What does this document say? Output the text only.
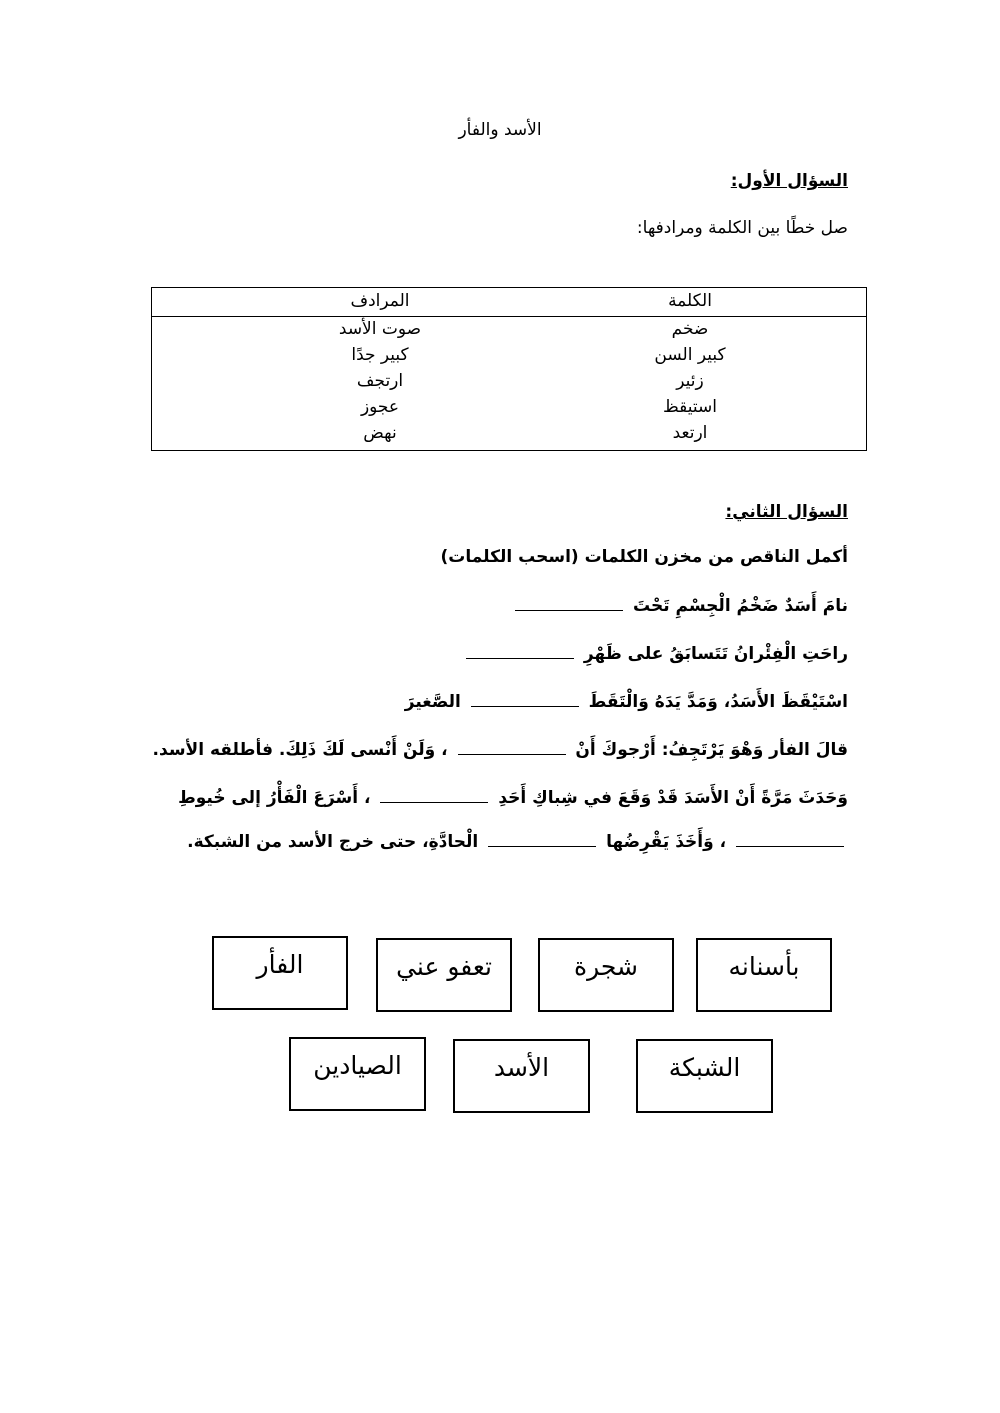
الأسد والفأر
السؤال الأول:
صل خطًا بين الكلمة ومرادفها:
الكلمة
المرادف
ضخم
صوت الأسد
كبير السن
كبير جدًا
زئير
ارتجف
استيقظ
عجوز
ارتعد
نهض
السؤال الثاني:
أكمل الناقص من مخزن الكلمات (اسحب الكلمات)
نامَ أَسَدٌ ضَخْمُ الْجِسْمِ تَحْتَ
راحَتِ الْفِئْرانُ تَتَسابَقُ على ظَهْرِ
اسْتَيْقَظَ الأَسَدُ، وَمَدَّ يَدَهُ وَالْتَقَطَ  الصَّغيرَ
قالَ الفأر وَهْوَ يَرْتَجِفُ: أَرْجوكَ أَنْ  ، وَلَنْ أَنْسى لَكَ ذَلِكَ. فأطلقه الأسد.
وَحَدَثَ مَرَّةً أَنْ الأَسَدَ قَدْ وَقَعَ في شِباكِ أَحَدِ  ، أَسْرَعَ الْفَأْرُ إلى خُيوطِ
، وَأَخَذَ يَقْرِضُها  الْحادَّةِ، حتى خرج الأسد من الشبكة.
بأسنانه
شجرة
تعفو عني
الفأر
الشبكة
الأسد
الصيادين
